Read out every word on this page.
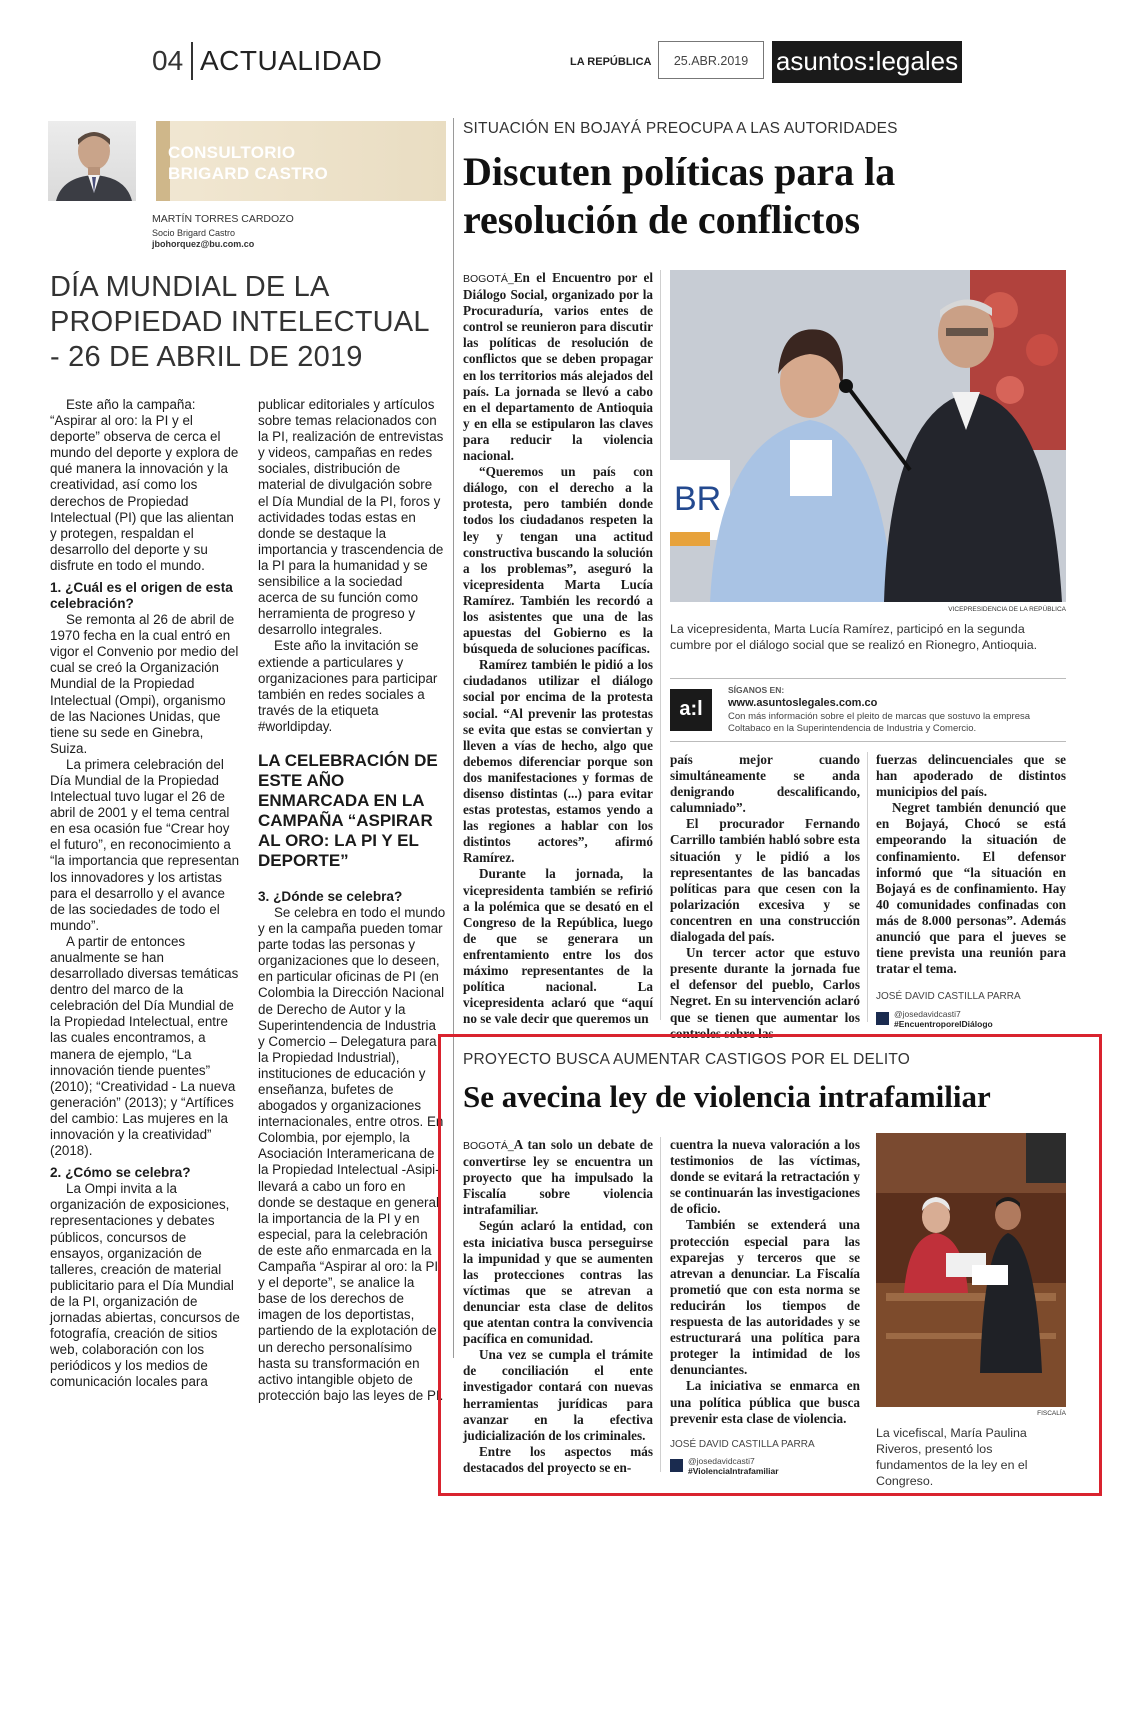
04 ACTUALIDAD	LA REPÚBLICA	25.ABR.2019	asuntos:legales
CONSULTORIO
BRIGARD CASTRO
MARTÍN TORRES CARDOZO
Socio Brigard Castro
jbohorquez@bu.com.co
DÍA MUNDIAL DE LA PROPIEDAD INTELECTUAL - 26 DE ABRIL DE 2019

Este año la campaña: “Aspirar al oro: la PI y el deporte” observa de cerca el mundo del deporte y explora de qué manera la innovación y la creatividad, así como los derechos de Propiedad Intelectual (PI) que las alientan y protegen, respaldan el desarrollo del deporte y su disfrute en todo el mundo.

1. ¿Cuál es el origen de esta celebración?

Se remonta al 26 de abril de 1970 fecha en la cual entró en vigor el Convenio por medio del cual se creó la Organización Mundial de la Propiedad Intelectual (Ompi), organismo de las Naciones Unidas, que tiene su sede en Ginebra, Suiza.

La primera celebración del Día Mundial de la Propiedad Intelectual tuvo lugar el 26 de abril de 2001 y el tema central en esa ocasión fue “Crear hoy el futuro”, en reconocimiento a “la importancia que representan los innovadores y los artistas para el desarrollo y el avance de las sociedades de todo el mundo”.

A partir de entonces anualmente se han desarrollado diversas temáticas dentro del marco de la celebración del Día Mundial de la Propiedad Intelectual, entre las cuales encontramos, a manera de ejemplo, “La innovación tiende puentes” (2010); “Creatividad - La nueva generación” (2013); y “Artífices del cambio: Las mujeres en la innovación y la creatividad” (2018).

2. ¿Cómo se celebra?

La Ompi invita a la organización de exposiciones, representaciones y debates públicos, concursos de ensayos, organización de talleres, creación de material publicitario para el Día Mundial de la PI, organización de jornadas abiertas, concursos de fotografía, creación de sitios web, colaboración con los periódicos y los medios de comunicación locales para

publicar editoriales y artículos sobre temas relacionados con la PI, realización de entrevistas y videos, campañas en redes sociales, distribución de material de divulgación sobre el Día Mundial de la PI, foros y actividades todas estas en donde se destaque la importancia y trascendencia de la PI para la humanidad y se sensibilice a la sociedad acerca de su función como herramienta de progreso y desarrollo integrales.

Este año la invitación se extiende a particulares y organizaciones para participar también en redes sociales a través de la etiqueta #worldipday.

LA CELEBRACIÓN DE ESTE AÑO ENMARCADA EN LA CAMPAÑA “ASPIRAR AL ORO: LA PI Y EL DEPORTE”
3. ¿Dónde se celebra?

Se celebra en todo el mundo y en la campaña pueden tomar parte todas las personas y organizaciones que lo deseen, en particular oficinas de PI (en Colombia la Dirección Nacional de Derecho de Autor y la Superintendencia de Industria y Comercio – Delegatura para la Propiedad Industrial), instituciones de educación y enseñanza, bufetes de abogados y organizaciones internacionales, entre otros. En Colombia, por ejemplo, la Asociación Interamericana de la Propiedad Intelectual -Asipi- llevará a cabo un foro en donde se destaque en general la importancia de la PI y en especial, para la celebración de este año enmarcada en la Campaña “Aspirar al oro: la PI y el deporte”, se analice la base de los derechos de imagen de los deportistas, partiendo de la explotación de un derecho personalísimo hasta su transformación en activo intangible objeto de protección bajo las leyes de PI.

SITUACIÓN EN BOJAYÁ PREOCUPA A LAS AUTORIDADES
Discuten políticas para la resolución de conflictos

BOGOTÁ_En el Encuentro por el Diálogo Social, organizado por la Procuraduría, varios entes de control se reunieron para discutir las políticas de resolución de conflictos que se deben propagar en los territorios más alejados del país. La jornada se llevó a cabo en el departamento de Antioquia y en ella se estipularon las claves para reducir la violencia nacional.

“Queremos un país con diálogo, con el derecho a la protesta, pero también donde todos los ciudadanos respeten la ley y tengan una actitud constructiva buscando la solución a los problemas”, aseguró la vicepresidenta Marta Lucía Ramírez. También les recordó a los asistentes que una de las apuestas del Gobierno es la búsqueda de soluciones pacíficas.

Ramírez también le pidió a los ciudadanos utilizar el diálogo social por encima de la protesta social. “Al prevenir las protestas se evita que estas se conviertan y lleven a vías de hecho, algo que debemos diferenciar porque son dos manifestaciones y formas de disenso distintas (...) para evitar estas protestas, estamos yendo a las regiones a hablar con los distintos actores”, afirmó Ramírez.

Durante la jornada, la vicepresidenta también se refirió a la polémica que se desató en el Congreso de la República, luego de que se generara un enfrentamiento entre los dos máximo representantes de la política nacional. La vicepresidenta aclaró que “aquí no se vale decir que queremos un

BR
VICEPRESIDENCIA DE LA REPÚBLICA
La vicepresidenta, Marta Lucía Ramírez, participó en la segunda cumbre por el diálogo social que se realizó en Rionegro, Antioquia.
a:l
SÍGANOS EN:
www.asuntoslegales.com.co
Con más información sobre el pleito de marcas que sostuvo la empresa Coltabaco en la Superintendencia de Industria y Comercio.

país mejor cuando simultáneamente se anda denigrando descalificando, calumniado”.

El procurador Fernando Carrillo también habló sobre esta situación y le pidió a los representantes de las bancadas políticas para que cesen con la polarización excesiva y se concentren en una construcción dialogada del país.

Un tercer actor que estuvo presente durante la jornada fue el defensor del pueblo, Carlos Negret. En su intervención aclaró que se tienen que aumentar los controles sobre las

fuerzas delincuenciales que se han apoderado de distintos municipios del país.

Negret también denunció que en Bojayá, Chocó se está empeorando la situación de confinamiento. El defensor informó que “la situación en Bojayá es de confinamiento. Hay 40 comunidades confinadas con más de 8.000 personas”. Además anunció que para el jueves se tiene prevista una reunión para tratar el tema.

JOSÉ DAVID CASTILLA PARRA
@josedavidcasti7
#EncuentroporelDiálogo
PROYECTO BUSCA AUMENTAR CASTIGOS POR EL DELITO
Se avecina ley de violencia intrafamiliar

BOGOTÁ_A tan solo un debate de convertirse ley se encuentra un proyecto que ha impulsado la Fiscalía sobre violencia intrafamiliar.

Según aclaró la entidad, con esta iniciativa busca perseguirse la impunidad y que se aumenten las protecciones contras las víctimas que se atrevan a denunciar esta clase de delitos que atentan contra la convivencia pacífica en comunidad.

Una vez se cumpla el trámite de conciliación el ente investigador contará con nuevas herramientas jurídicas para avanzar en la efectiva judicialización de los criminales.

Entre los aspectos más destacados del proyecto se en-

cuentra la nueva valoración a los testimonios de las víctimas, donde se evitará la retractación y se continuarán las investigaciones de oficio.

También se extenderá una protección especial para las exparejas y terceros que se atrevan a denunciar. La Fiscalía prometió que con esta norma se reducirán los tiempos de respuesta de las autoridades y se estructurará una política para proteger la intimidad de los denunciantes.

La iniciativa se enmarca en una política pública que busca prevenir esta clase de violencia.

JOSÉ DAVID CASTILLA PARRA
@josedavidcasti7
#ViolenciaIntrafamiliar
FISCALÍA
La vicefiscal, María Paulina Riveros, presentó los fundamentos de la ley en el Congreso.
